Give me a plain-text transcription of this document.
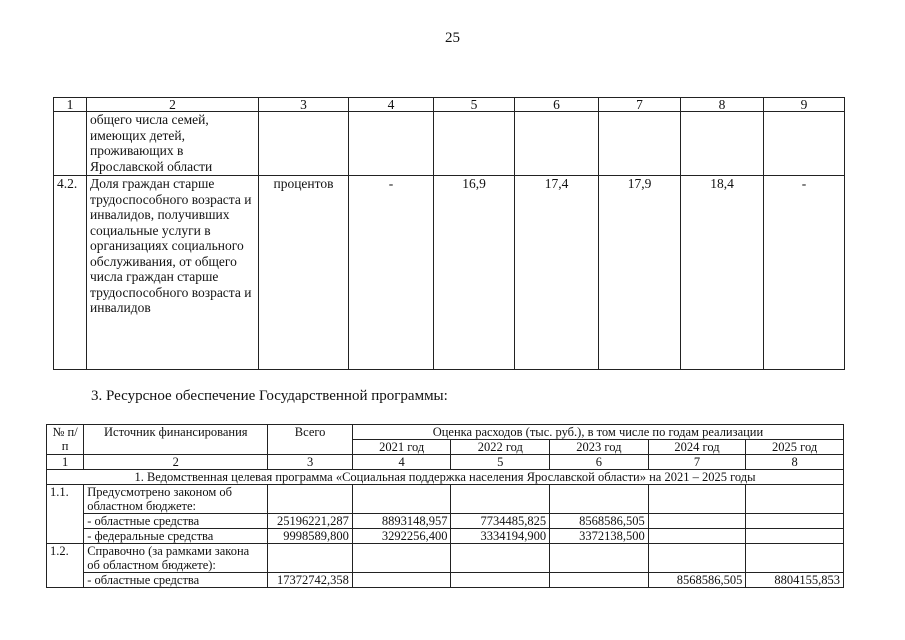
25
1	2	3	4	5	6	7	8	9
	общего числа семей, имеющих детей, проживающих в Ярославской области							
4.2.	Доля граждан старше трудоспособного возраста и инвалидов, получивших социальные услуги в организациях социального обслуживания, от общего числа граждан старше трудоспособного возраста и инвалидов	процентов	-	16,9	17,4	17,9	18,4	-
3. Ресурсное обеспечение Государственной программы:
№ п/п	Источник финансирования	Всего	Оценка расходов (тыс. руб.), в том числе по годам реализации				
			2021 год	2022 год	2023 год	2024 год	2025 год
1	2	3	4	5	6	7	8
1. Ведомственная целевая программа «Социальная поддержка населения Ярославской области» на 2021 – 2025 годы							
1.1.	Предусмотрено законом об областном бюджете:						
	- областные средства	25196221,287	8893148,957	7734485,825	8568586,505		
	- федеральные средства	9998589,800	3292256,400	3334194,900	3372138,500		
1.2.	Справочно (за рамками закона об областном бюджете):						
	- областные средства	17372742,358				8568586,505	8804155,853
